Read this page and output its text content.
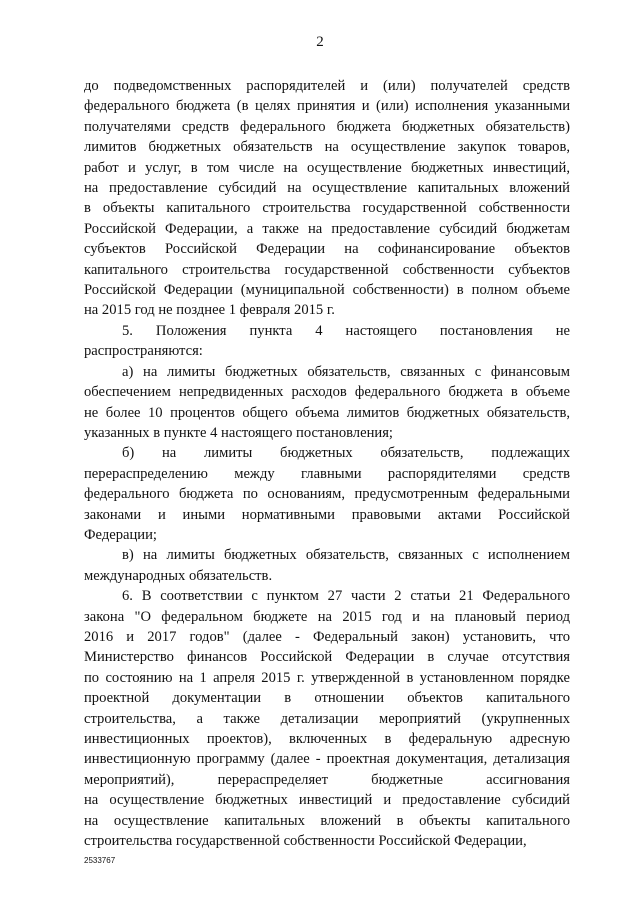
2
до подведомственных распорядителей и (или) получателей средств
федерального бюджета (в целях принятия и (или) исполнения указанными
получателями средств федерального бюджета бюджетных обязательств)
лимитов бюджетных обязательств на осуществление закупок товаров,
работ и услуг, в том числе на осуществление бюджетных инвестиций,
на предоставление субсидий на осуществление капитальных вложений
в объекты капитального строительства государственной собственности
Российской Федерации, а также на предоставление субсидий бюджетам
субъектов Российской Федерации на софинансирование объектов
капитального строительства государственной собственности субъектов
Российской Федерации (муниципальной собственности) в полном объеме
на 2015 год не позднее 1 февраля 2015 г.
5. Положения пункта 4 настоящего постановления не
распространяются:
а) на лимиты бюджетных обязательств, связанных с финансовым
обеспечением непредвиденных расходов федерального бюджета в объеме
не более 10 процентов общего объема лимитов бюджетных обязательств,
указанных в пункте 4 настоящего постановления;
б) на лимиты бюджетных обязательств, подлежащих
перераспределению между главными распорядителями средств
федерального бюджета по основаниям, предусмотренным федеральными
законами и иными нормативными правовыми актами Российской
Федерации;
в) на лимиты бюджетных обязательств, связанных с исполнением
международных обязательств.
6. В соответствии с пунктом 27 части 2 статьи 21 Федерального
закона "О федеральном бюджете на 2015 год и на плановый период
2016 и 2017 годов" (далее - Федеральный закон) установить, что
Министерство финансов Российской Федерации в случае отсутствия
по состоянию на 1 апреля 2015 г. утвержденной в установленном порядке
проектной документации в отношении объектов капитального
строительства, а также детализации мероприятий (укрупненных
инвестиционных проектов), включенных в федеральную адресную
инвестиционную программу (далее - проектная документация, детализация
мероприятий), перераспределяет бюджетные ассигнования
на осуществление бюджетных инвестиций и предоставление субсидий
на осуществление капитальных вложений в объекты капитального
строительства государственной собственности Российской Федерации,
2533767
